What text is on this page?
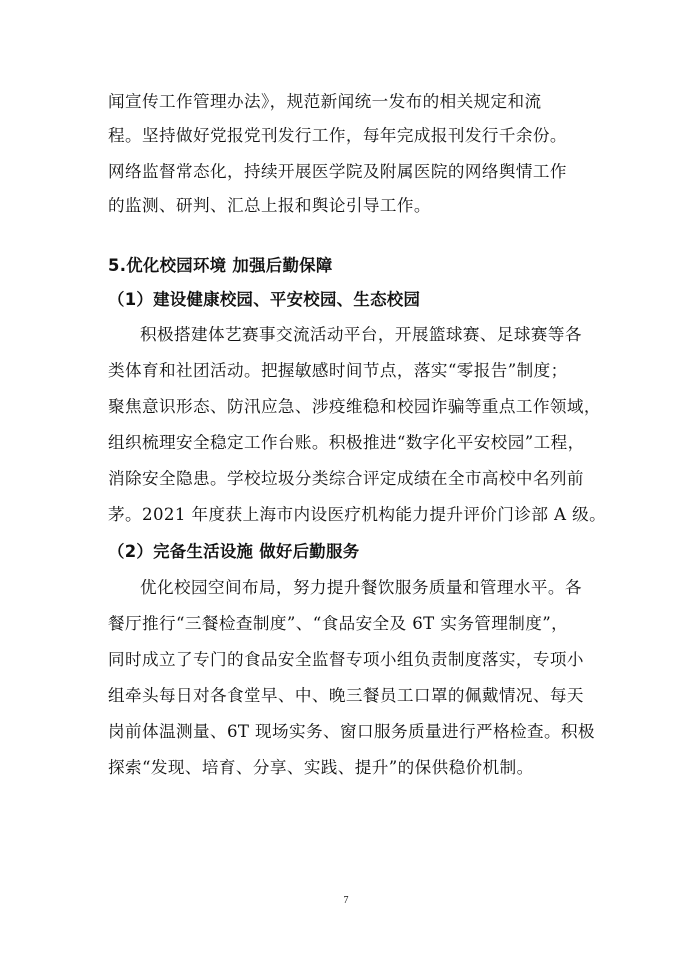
闻宣传工作管理办法》，规范新闻统一发布的相关规定和流
程。坚持做好党报党刊发行工作，每年完成报刊发行千余份。
网络监督常态化，持续开展医学院及附属医院的网络舆情工作
的监测、研判、汇总上报和舆论引导工作。
5.优化校园环境 加强后勤保障
（1）建设健康校园、平安校园、生态校园
积极搭建体艺赛事交流活动平台，开展篮球赛、足球赛等各
类体育和社团活动。把握敏感时间节点，落实“零报告”制度；
聚焦意识形态、防汛应急、涉疫维稳和校园诈骗等重点工作领域，
组织梳理安全稳定工作台账。积极推进“数字化平安校园”工程，
消除安全隐患。学校垃圾分类综合评定成绩在全市高校中名列前
茅。2021 年度获上海市内设医疗机构能力提升评价门诊部 A 级。
（2）完备生活设施 做好后勤服务
优化校园空间布局，努力提升餐饮服务质量和管理水平。各
餐厅推行“三餐检查制度”、“食品安全及 6T 实务管理制度”，
同时成立了专门的食品安全监督专项小组负责制度落实，专项小
组牵头每日对各食堂早、中、晚三餐员工口罩的佩戴情况、每天
岗前体温测量、6T 现场实务、窗口服务质量进行严格检查。积极
探索“发现、培育、分享、实践、提升”的保供稳价机制。
7
